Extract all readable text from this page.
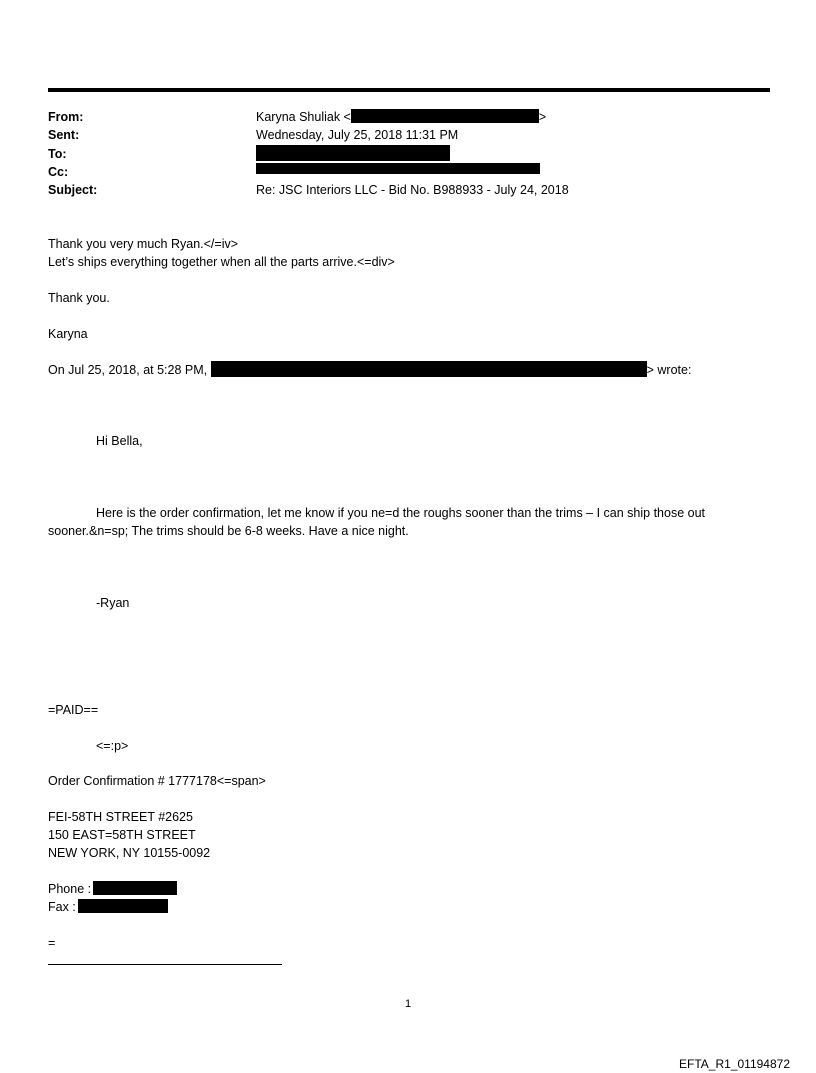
From:	Karyna Shuliak <	>
Sent:	Wednesday, July 25, 2018 11:31 PM
To:
Cc:
Subject:	Re: JSC Interiors LLC - Bid No. B988933 - July 24, 2018
Thank you very much Ryan.</=iv>
Let’s ships everything together when all the parts arrive.<=div>
Thank you.
Karyna
On Jul 25, 2018, at 5:28 PM,	> wrote:
Hi Bella,
Here is the order confirmation, let me know if you ne=d the roughs sooner than the trims – I can ship those out
sooner.&n=sp; The trims should be 6-8 weeks. Have a nice night.
-Ryan
=PAID==
<=:p>
Order Confirmation # 1777178<=span>
FEI-58TH STREET #2625
150 EAST=58TH STREET
NEW YORK, NY 10155-0092
Phone :
Fax :
=
1
EFTA_R1_01194872
